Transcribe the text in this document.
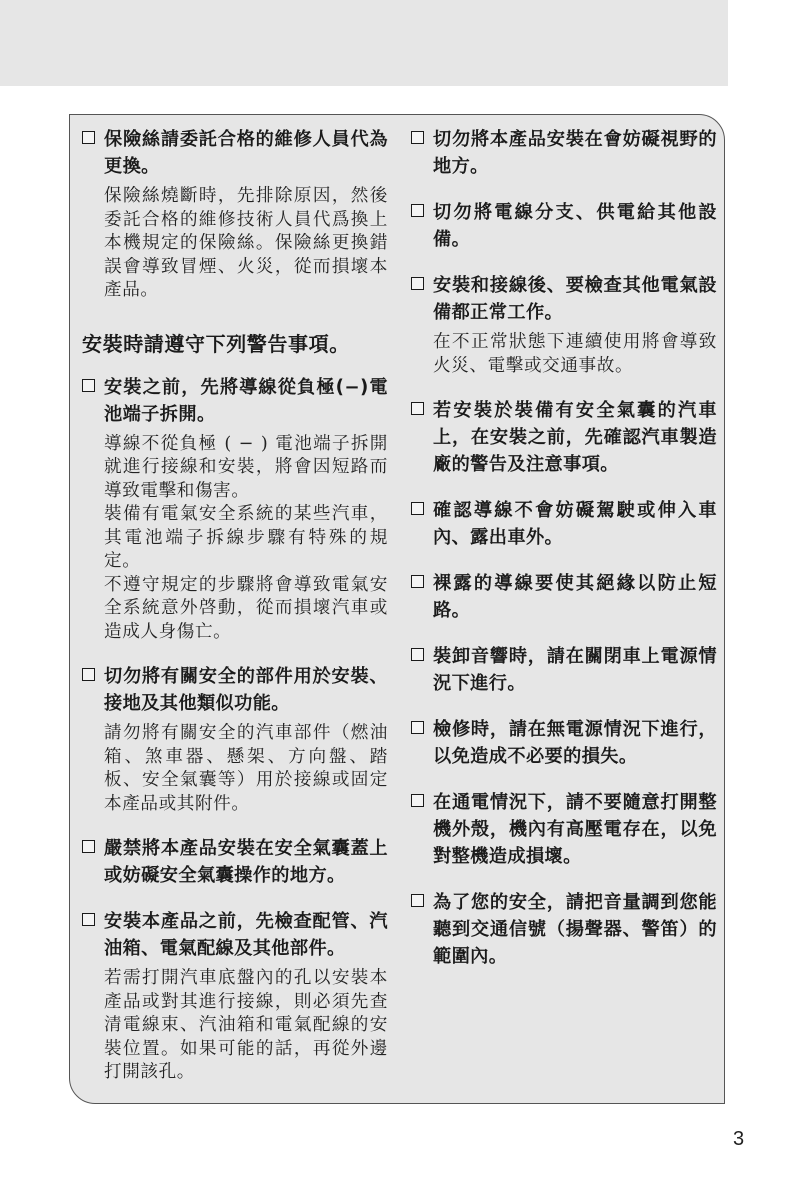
保險絲請委託合格的維修人員代為更換。

保險絲燒斷時，先排除原因，然後委託合格的維修技術人員代爲換上本機規定的保險絲。保險絲更換錯誤會導致冒煙、火災，從而損壞本產品。

安裝時請遵守下列警告事項。
安裝之前，先將導線從負極(−)電池端子拆開。

導線不從負極 ( − ) 電池端子拆開就進行接線和安裝，將會因短路而導致電擊和傷害。

裝備有電氣安全系統的某些汽車，其電池端子拆線步驟有特殊的規定。

不遵守規定的步驟將會導致電氣安全系統意外啓動，從而損壞汽車或造成人身傷亡。

切勿將有關安全的部件用於安裝、接地及其他類似功能。

請勿將有關安全的汽車部件（燃油箱、煞車器、懸架、方向盤、踏板、安全氣囊等）用於接線或固定本產品或其附件。

嚴禁將本產品安裝在安全氣囊蓋上或妨礙安全氣囊操作的地方。
安裝本產品之前，先檢查配管、汽油箱、電氣配線及其他部件。

若需打開汽車底盤內的孔以安裝本產品或對其進行接線，則必須先查清電線束、汽油箱和電氣配線的安裝位置。如果可能的話，再從外邊打開該孔。

切勿將本產品安裝在會妨礙視野的地方。
切勿將電線分支、供電給其他設備。
安裝和接線後、要檢查其他電氣設備都正常工作。

在不正常狀態下連續使用將會導致火災、電擊或交通事故。

若安裝於裝備有安全氣囊的汽車上，在安裝之前，先確認汽車製造廠的警告及注意事項。
確認導線不會妨礙駕駛或伸入車內、露出車外。
裸露的導線要使其絕緣以防止短路。
裝卸音響時，請在關閉車上電源情況下進行。
檢修時，請在無電源情況下進行，以免造成不必要的損失。
在通電情況下，請不要隨意打開整機外殼，機內有高壓電存在，以免對整機造成損壞。
為了您的安全，請把音量調到您能聽到交通信號（揚聲器、警笛）的範圍內。
3
